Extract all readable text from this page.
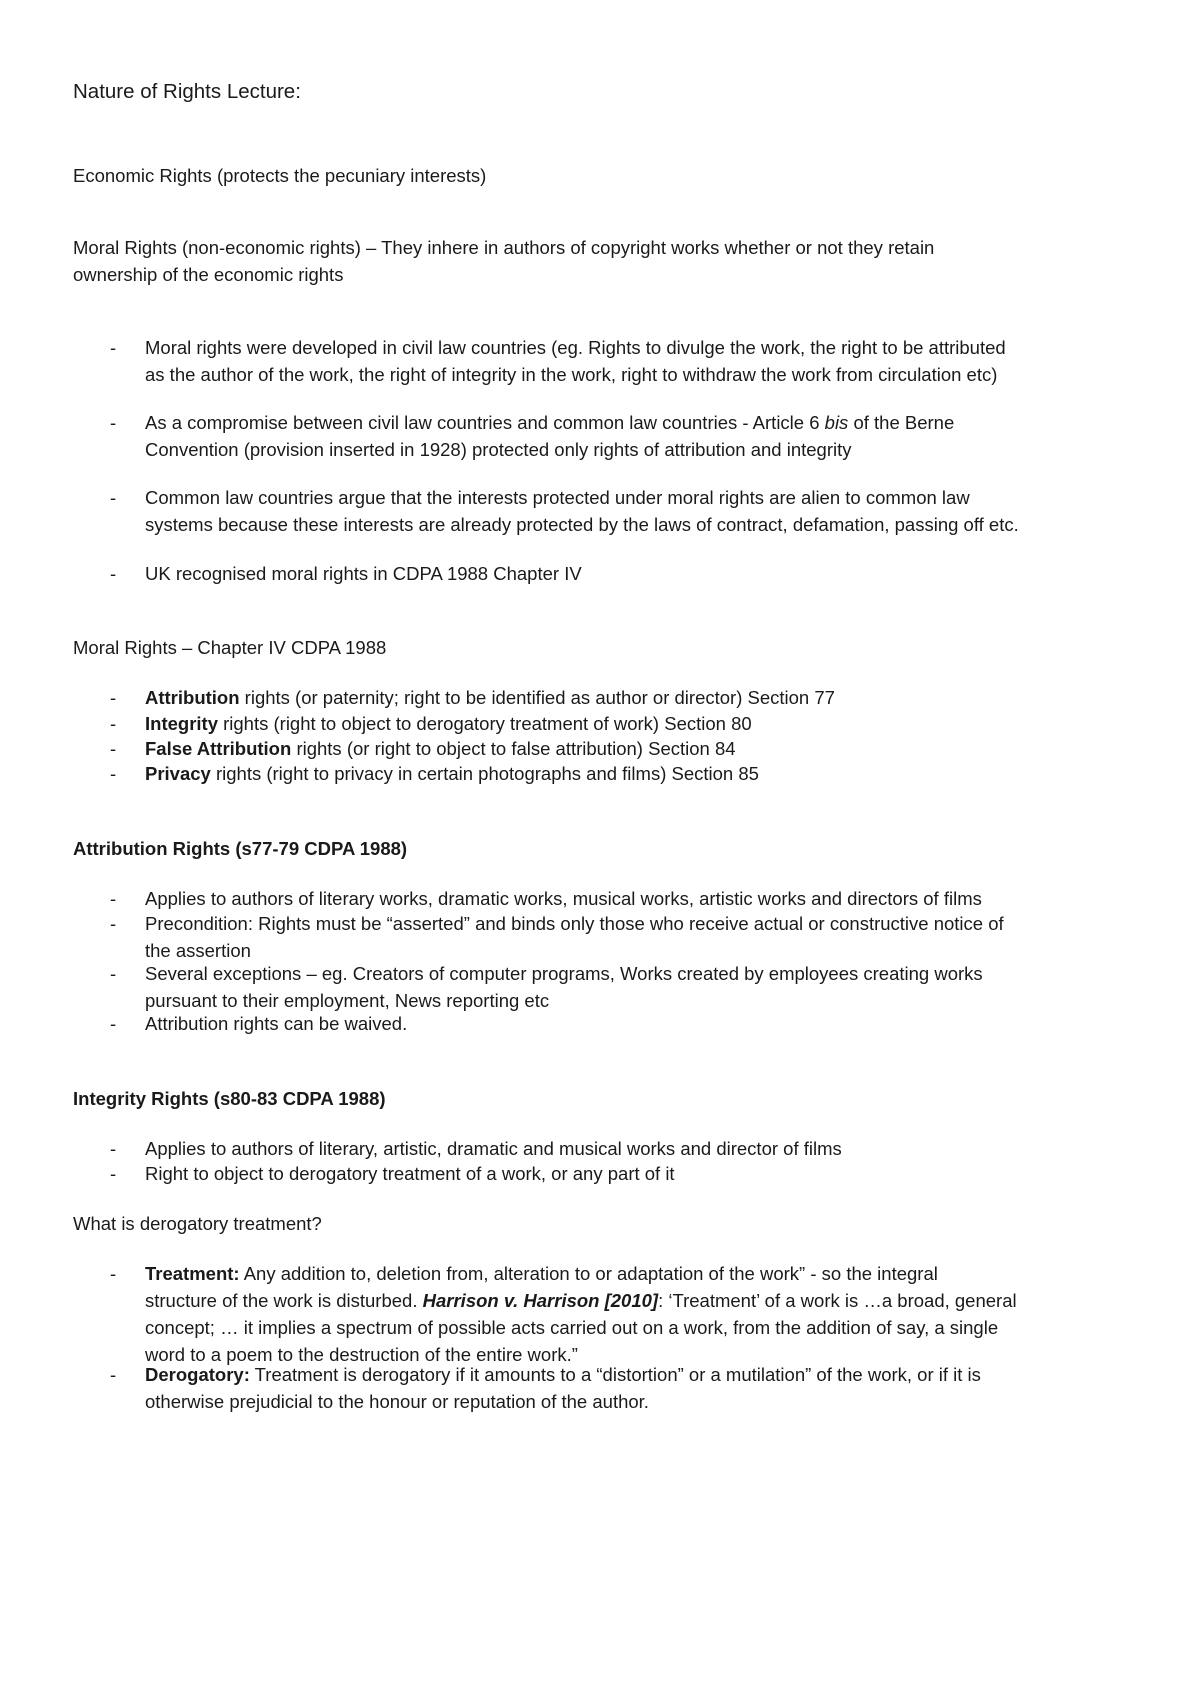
Nature of Rights Lecture:
Economic Rights (protects the pecuniary interests)
Moral Rights (non-economic rights) – They inhere in authors of copyright works whether or not they retain
ownership of the economic rights
- Moral rights were developed in civil law countries (eg. Rights to divulge the work, the right to be attributed
as the author of the work, the right of integrity in the work, right to withdraw the work from circulation etc)
- As a compromise between civil law countries and common law countries - Article 6 bis of the Berne
Convention (provision inserted in 1928) protected only rights of attribution and integrity
- Common law countries argue that the interests protected under moral rights are alien to common law
systems because these interests are already protected by the laws of contract, defamation, passing off etc.
- UK recognised moral rights in CDPA 1988 Chapter IV
Moral Rights – Chapter IV CDPA 1988
- Attribution rights (or paternity; right to be identified as author or director) Section 77
- Integrity rights (right to object to derogatory treatment of work) Section 80
- False Attribution rights (or right to object to false attribution) Section 84
- Privacy rights (right to privacy in certain photographs and films) Section 85
Attribution Rights (s77-79 CDPA 1988)
- Applies to authors of literary works, dramatic works, musical works, artistic works and directors of films
- Precondition: Rights must be “asserted” and binds only those who receive actual or constructive notice of
the assertion
- Several exceptions – eg. Creators of computer programs, Works created by employees creating works
pursuant to their employment, News reporting etc
- Attribution rights can be waived.
Integrity Rights (s80-83 CDPA 1988)
- Applies to authors of literary, artistic, dramatic and musical works and director of films
- Right to object to derogatory treatment of a work, or any part of it
What is derogatory treatment?
- Treatment: Any addition to, deletion from, alteration to or adaptation of the work” - so the integral
structure of the work is disturbed. Harrison v. Harrison [2010]: ‘Treatment’ of a work is …a broad, general
concept; … it implies a spectrum of possible acts carried out on a work, from the addition of say, a single
word to a poem to the destruction of the entire work.”
- Derogatory: Treatment is derogatory if it amounts to a “distortion” or a mutilation” of the work, or if it is
otherwise prejudicial to the honour or reputation of the author.
